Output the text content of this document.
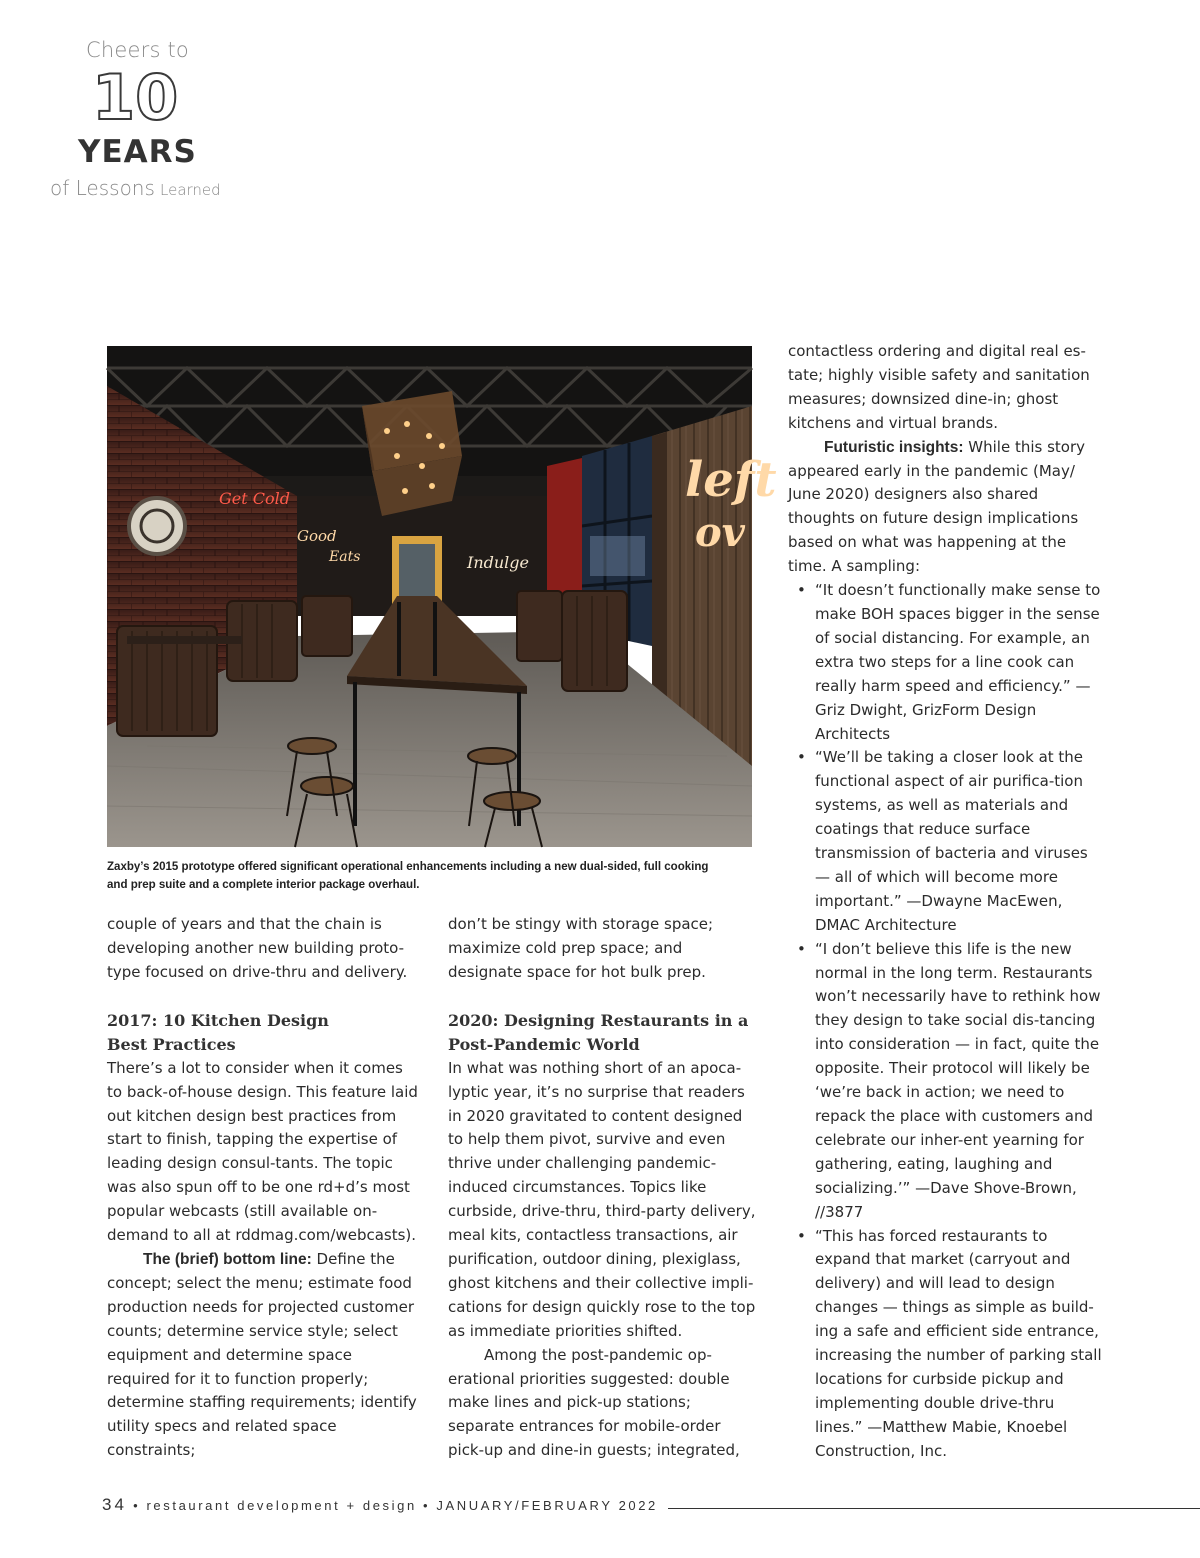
Cheers to
10
YEARS
of Lessons Learned
Get Cold
Good
Eats	Indulge
left
ov
Zaxby’s 2015 prototype offered significant operational enhancements including a new dual-sided, full cooking and prep suite and a complete interior package overhaul.

couple of years and that the chain is developing another new building proto-type focused on drive-thru and delivery.

2017: 10 Kitchen Design
Best Practices

There’s a lot to consider when it comes to back-of-house design. This feature laid out kitchen design best practices from start to finish, tapping the expertise of leading design consul-tants. The topic was also spun off to be one rd+d’s most popular webcasts (still available on-demand to all at rddmag.com/webcasts).

The (brief) bottom line: Define the concept; select the menu; estimate food production needs for projected customer counts; determine service style; select equipment and determine space required for it to function properly; determine staffing requirements; identify utility specs and related space constraints;

don’t be stingy with storage space; maximize cold prep space; and designate space for hot bulk prep.

2020: Designing Restaurants in a
Post-Pandemic World

In what was nothing short of an apoca-lyptic year, it’s no surprise that readers in 2020 gravitated to content designed to help them pivot, survive and even thrive under challenging pandemic-induced circumstances. Topics like curbside, drive-thru, third-party delivery, meal kits, contactless transactions, air purification, outdoor dining, plexiglass, ghost kitchens and their collective impli-cations for design quickly rose to the top as immediate priorities shifted.

Among the post-pandemic op-erational priorities suggested: double make lines and pick-up stations; separate entrances for mobile-order pick-up and dine-in guests; integrated,

contactless ordering and digital real es-tate; highly visible safety and sanitation measures; downsized dine-in; ghost kitchens and virtual brands.

Futuristic insights: While this story appeared early in the pandemic (May/ June 2020) designers also shared thoughts on future design implications based on what was happening at the time. A sampling:

• “It doesn’t functionally make sense to make BOH spaces bigger in the sense of social distancing. For example, an extra two steps for a line cook can really harm speed and efficiency.” —Griz Dwight, GrizForm Design Architects
• “We’ll be taking a closer look at the functional aspect of air purifica-tion systems, as well as materials and coatings that reduce surface transmission of bacteria and viruses — all of which will become more important.” —Dwayne MacEwen, DMAC Architecture
• “I don’t believe this life is the new normal in the long term. Restaurants won’t necessarily have to rethink how they design to take social dis-tancing into consideration — in fact, quite the opposite. Their protocol will likely be ‘we’re back in action; we need to repack the place with customers and celebrate our inher-ent yearning for gathering, eating, laughing and socializing.’” —Dave Shove-Brown, //3877
• “This has forced restaurants to expand that market (carryout and delivery) and will lead to design changes — things as simple as build-ing a safe and efficient side entrance, increasing the number of parking stall locations for curbside pickup and implementing double drive-thru lines.” —Matthew Mabie, Knoebel Construction, Inc.
34 • restaurant development + design • JANUARY/FEBRUARY 2022
